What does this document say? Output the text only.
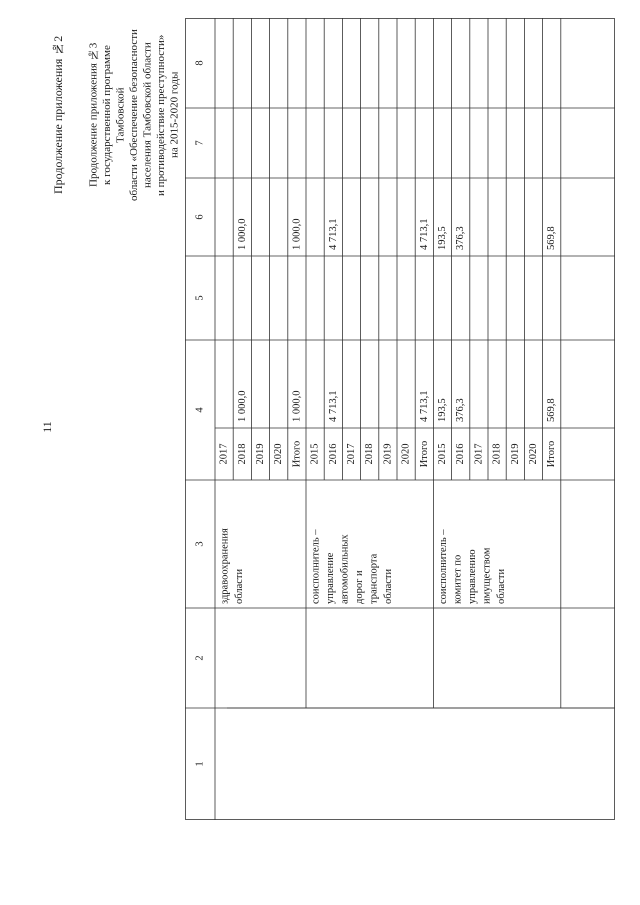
11
Продолжение приложения №2 Продолжение приложения №3 к государственной программе Тамбовской области «Обеспечение безопасности населения Тамбовской области и противодействие преступности» на 2015-2020 годы
1
2
3
4
5
6
7
8
2017 2018
1 000,0
1 000,0
2019 2020 Итого
1 000,0
1 000,0
здравоохранения области
2015 2016
4 713,1
4 713,1
2017 2018 2019 2020 Итого
4 713,1
4 713,1
соисполнитель – управление автомобильных дорог и транспорта области
2015
193,5
193,5
2016
376,3
376,3
2017 2018 2019 2020 Итого
569,8
569,8
соисполнитель – комитет по управлению имуществом области
